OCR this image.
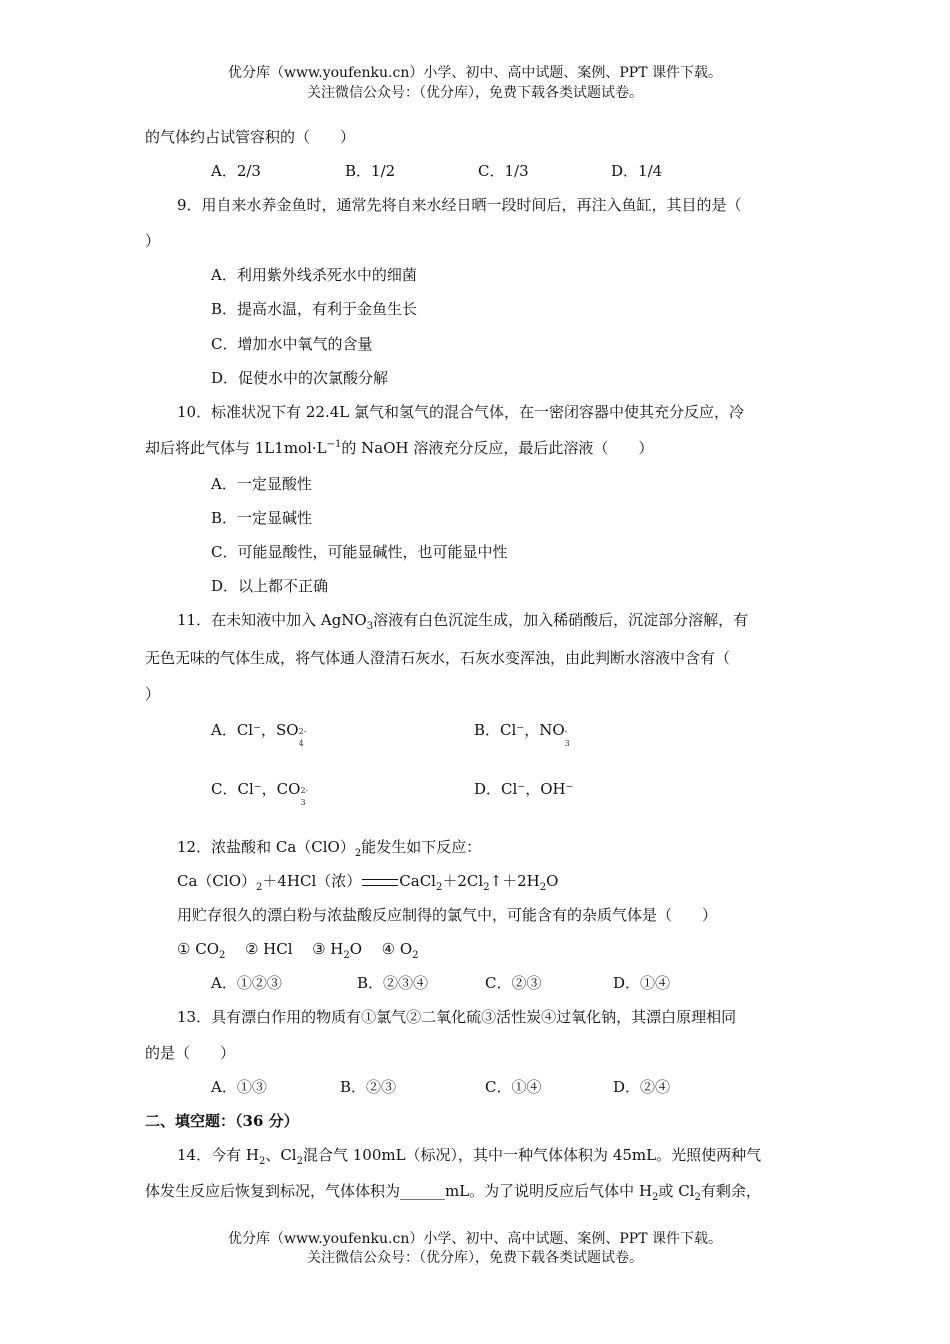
优分库（www.youfenku.cn）小学、初中、高中试题、案例、PPT 课件下载。
关注微信公众号：（优分库），免费下载各类试题试卷。
的气体约占试管容积的（　　）
A．2/3	B．1/2	C．1/3	D．1/4
9．用自来水养金鱼时，通常先将自来水经日晒一段时间后，再注入鱼缸，其目的是（
）
A．利用紫外线杀死水中的细菌
B．提高水温，有利于金鱼生长
C．增加水中氧气的含量
D．促使水中的次氯酸分解
10．标准状况下有 22.4L 氯气和氢气的混合气体，在一密闭容器中使其充分反应，冷
却后将此气体与 $1L1mol\cdot L^{-1}$的 NaOH 溶液充分反应，最后此溶液（　　）
A．一定显酸性
B．一定显碱性
C．可能显酸性，可能显碱性，也可能显中性
D．以上都不正确
11．在未知液中加入 AgNO$_3$溶液有白色沉淀生成，加入稀硝酸后，沉淀部分溶解，有
无色无味的气体生成，将气体通人澄清石灰水，石灰水变浑浊，由此判断水溶液中含有（
）
A．Cl⁻，SO 2-
4
B．Cl⁻，NO -
3
C．Cl⁻，CO 2-
3
D．Cl⁻，OH⁻
12．浓盐酸和 $Ca(ClO)_2$能发生如下反应：
$Ca(ClO)_2+4HCl$（浓）	$CaCl_2+2Cl_2↑+2H_2O$
用贮存很久的漂白粉与浓盐酸反应制得的氯气中，可能含有的杂质气体是（　　）
① $CO_2$ ② HCl ③ $H_2O$ ④ $O_2$
A．①②③	B．②③④	C．②③	D．①④
13．具有漂白作用的物质有①氯气②二氧化硫③活性炭④过氧化钠，其漂白原理相同
的是（　　）
A．①③	B．②③	C．①④	D．②④
二、填空题：（36 分）
14．今有 $H_2$、$Cl_2$混合气 100mL（标况），其中一种气体体积为 45mL。光照使两种气
体发生反应后恢复到标况，气体体积为______mL。为了说明反应后气体中 $H_2$或 $Cl_2$有剩余，
优分库（www.youfenku.cn）小学、初中、高中试题、案例、PPT 课件下载。
关注微信公众号：（优分库），免费下载各类试题试卷。
